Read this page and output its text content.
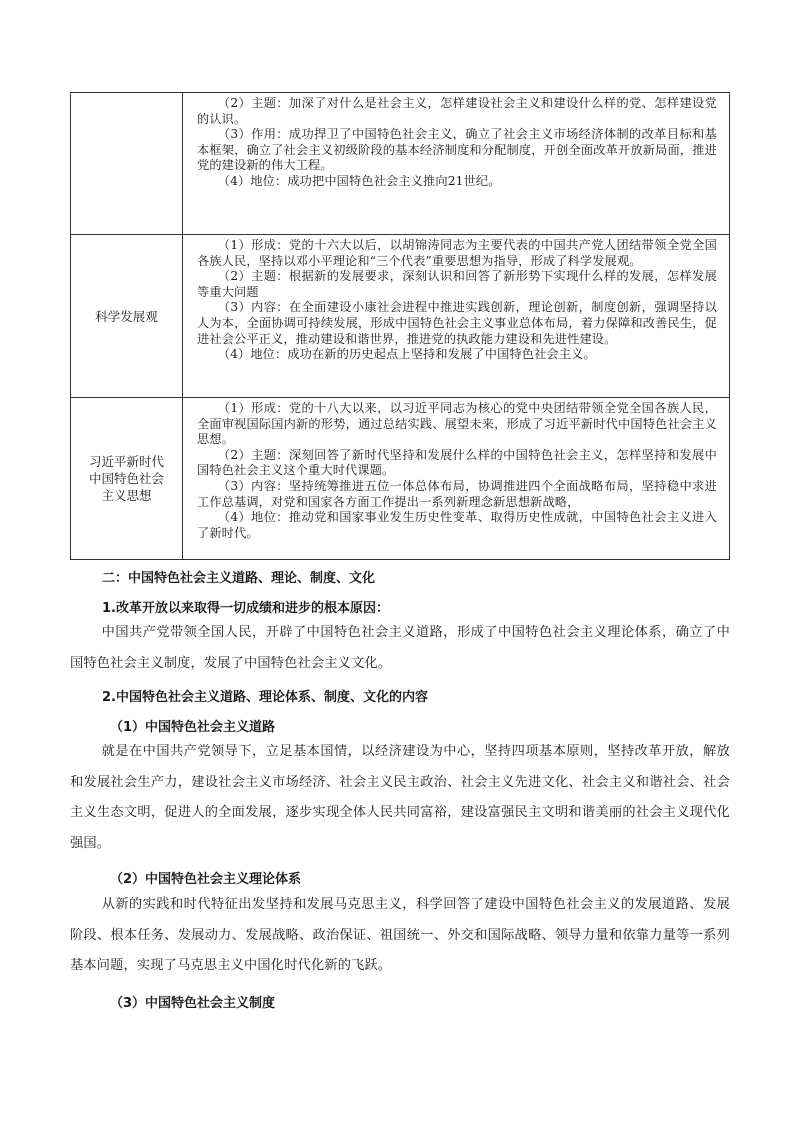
	（2）主题：加深了对什么是社会主义，怎样建设社会主义和建设什么样的党、怎样建设党的认识。

（3）作用：成功捍卫了中国特色社会主义，确立了社会主义市场经济体制的改革目标和基本框架，确立了社会主义初级阶段的基本经济制度和分配制度，开创全面改革开放新局面，推进党的建设新的伟大工程。

（4）地位：成功把中国特色社会主义推向21世纪。

科学发展观	（1）形成：党的十六大以后，以胡锦涛同志为主要代表的中国共产党人团结带领全党全国各族人民，坚持以邓小平理论和“三个代表”重要思想为指导，形成了科学发展观。

（2）主题：根据新的发展要求，深刻认识和回答了新形势下实现什么样的发展，怎样发展等重大问题

（3）内容：在全面建设小康社会进程中推进实践创新，理论创新，制度创新，强调坚持以人为本，全面协调可持续发展，形成中国特色社会主义事业总体布局，着力保障和改善民生，促进社会公平正义，推动建设和谐世界，推进党的执政能力建设和先进性建设。

（4）地位：成功在新的历史起点上坚持和发展了中国特色社会主义。

习近平新时代中国特色社会主义思想	（1）形成：党的十八大以来，以习近平同志为核心的党中央团结带领全党全国各族人民，全面审视国际国内新的形势，通过总结实践、展望未来，形成了习近平新时代中国特色社会主义思想。

（2）主题：深刻回答了新时代坚持和发展什么样的中国特色社会主义，怎样坚持和发展中国特色社会主义这个重大时代课题。

（3）内容：坚持统筹推进五位一体总体布局，协调推进四个全面战略布局，坚持稳中求进工作总基调，对党和国家各方面工作提出一系列新理念新思想新战略，

（4）地位：推动党和国家事业发生历史性变革、取得历史性成就，中国特色社会主义进入了新时代。

二：中国特色社会主义道路、理论、制度、文化
1.改革开放以来取得一切成绩和进步的根本原因：

中国共产党带领全国人民，开辟了中国特色社会主义道路，形成了中国特色社会主义理论体系，确立了中国特色社会主义制度，发展了中国特色社会主义文化。

2.中国特色社会主义道路、理论体系、制度、文化的内容
（1）中国特色社会主义道路

就是在中国共产党领导下，立足基本国情，以经济建设为中心，坚持四项基本原则，坚持改革开放，解放和发展社会生产力，建设社会主义市场经济、社会主义民主政治、社会主义先进文化、社会主义和谐社会、社会主义生态文明，促进人的全面发展，逐步实现全体人民共同富裕，建设富强民主文明和谐美丽的社会主义现代化强国。

（2）中国特色社会主义理论体系

从新的实践和时代特征出发坚持和发展马克思主义，科学回答了建设中国特色社会主义的发展道路、发展阶段、根本任务、发展动力、发展战略、政治保证、祖国统一、外交和国际战略、领导力量和依靠力量等一系列基本问题，实现了马克思主义中国化时代化新的飞跃。

（3）中国特色社会主义制度
